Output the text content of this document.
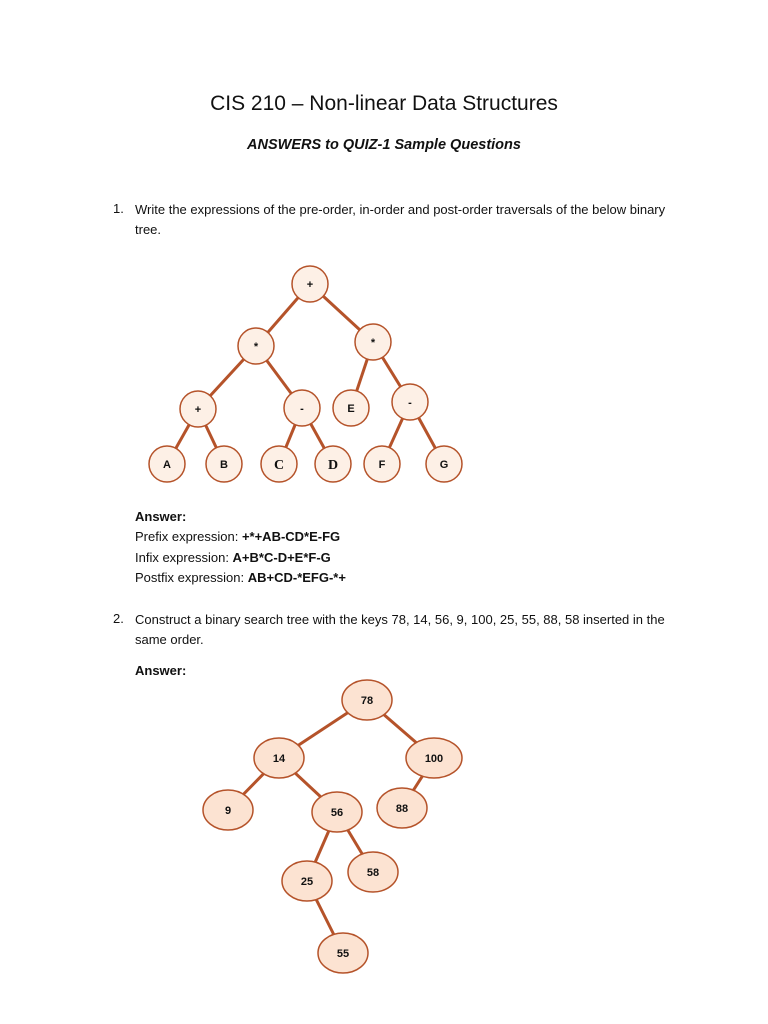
CIS 210 – Non-linear Data Structures
ANSWERS to QUIZ-1 Sample Questions
1. Write the expressions of the pre-order, in-order and post-order traversals of the below binary tree.
+
*	*
+	-	E	-
A	B	C	D	F	G
Answer:
Prefix expression: +*+AB-CD*E-FG
Infix expression: A+B*C-D+E*F-G
Postfix expression: AB+CD-*EFG-*+
2. Construct a binary search tree with the keys 78, 14, 56, 9, 100, 25, 55, 88, 58 inserted in the same order.
Answer:
78
14	100
9	56	88
25
58
55
